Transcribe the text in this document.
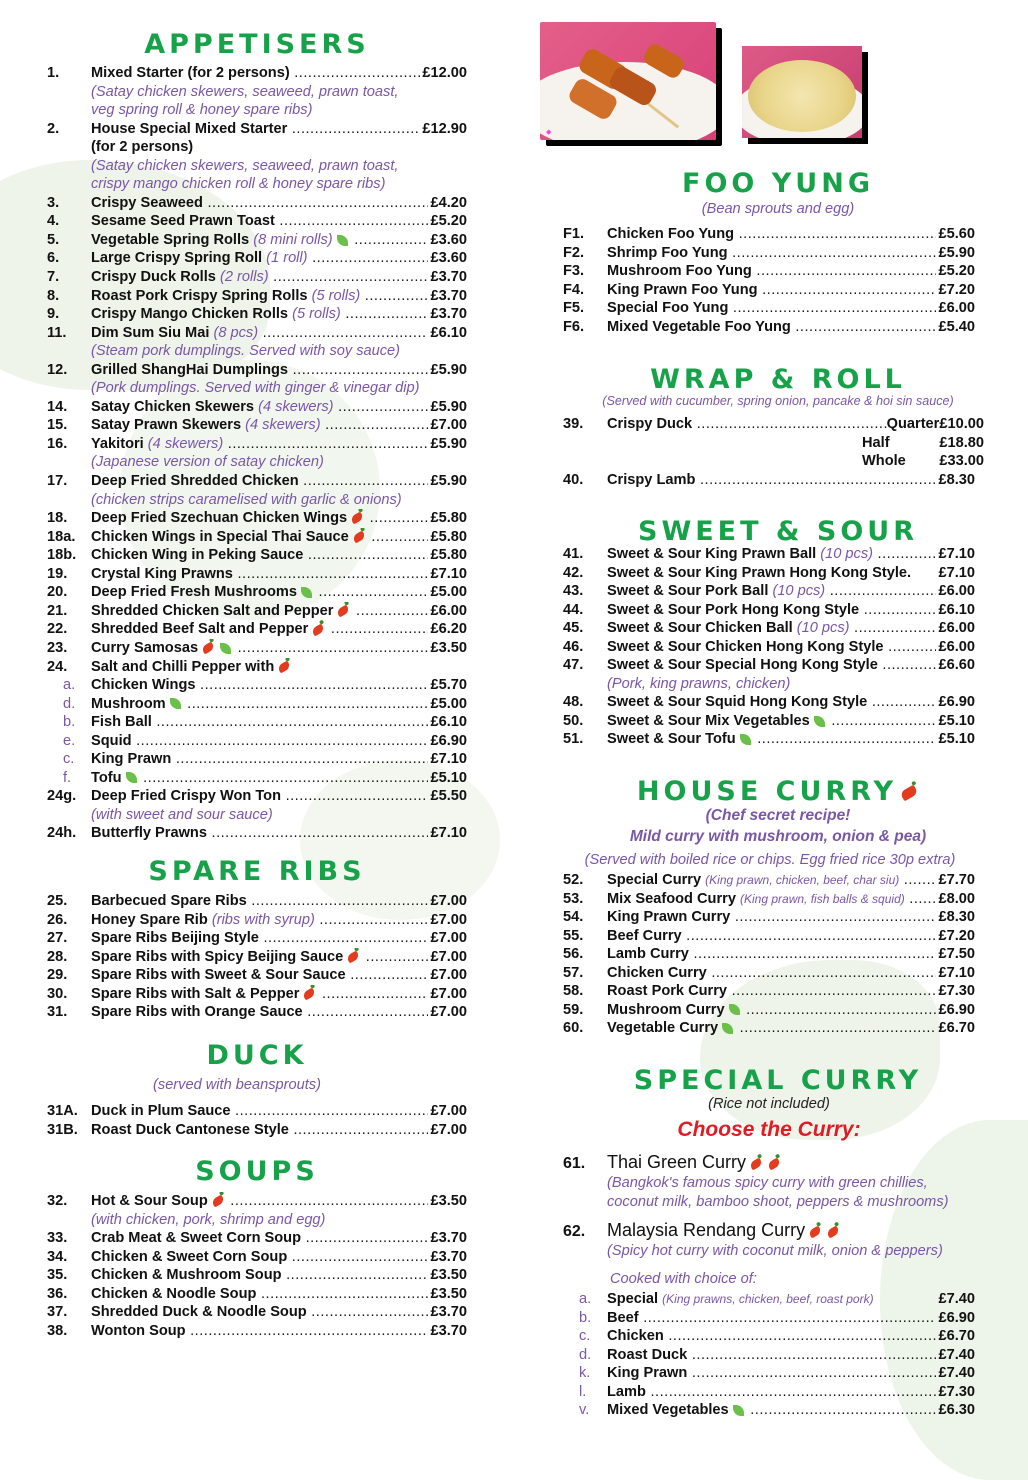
◆
APPETISERS
1.	Mixed Starter (for 2 persons) .....	£12.00
(Satay chicken skewers, seaweed, prawn toast,
veg spring roll & honey spare ribs)
2.	House Special Mixed Starter .....	£12.90
(for 2 persons)
(Satay chicken skewers, seaweed, prawn toast,
crispy mango chicken roll & honey spare ribs)
3.	Crispy Seaweed .....	£4.20
4.	Sesame Seed Prawn Toast .....	£5.20
5.	Vegetable Spring Rolls (8 mini rolls) .....	£3.60
6.	Large Crispy Spring Roll (1 roll) .....	£3.60
7.	Crispy Duck Rolls (2 rolls) .....	£3.70
8.	Roast Pork Crispy Spring Rolls (5 rolls) .....	£3.70
9.	Crispy Mango Chicken Rolls (5 rolls) .....	£3.70
11.	Dim Sum Siu Mai (8 pcs) .....	£6.10
(Steam pork dumplings. Served with soy sauce)
12.	Grilled ShangHai Dumplings .....	£5.90
(Pork dumplings. Served with ginger & vinegar dip)
14.	Satay Chicken Skewers (4 skewers) .....	£5.90
15.	Satay Prawn Skewers (4 skewers) .....	£7.00
16.	Yakitori (4 skewers) .....	£5.90
(Japanese version of satay chicken)
17.	Deep Fried Shredded Chicken .....	£5.90
(chicken strips caramelised with garlic & onions)
18.	Deep Fried Szechuan Chicken Wings .....	£5.80
18a.	Chicken Wings in Special Thai Sauce .....	£5.80
18b.	Chicken Wing in Peking Sauce .....	£5.80
19.	Crystal King Prawns .....	£7.10
20.	Deep Fried Fresh Mushrooms .....	£5.00
21.	Shredded Chicken Salt and Pepper .....	£6.00
22.	Shredded Beef Salt and Pepper .....	£6.20
23.	Curry Samosas .....	£3.50
24.	Salt and Chilli Pepper with
a.	Chicken Wings .....	£5.70
d.	Mushroom .....	£5.00
b.	Fish Ball .....	£6.10
e.	Squid .....	£6.90
c.	King Prawn .....	£7.10
f.	Tofu .....	£5.10
24g.	Deep Fried Crispy Won Ton .....	£5.50
(with sweet and sour sauce)
24h.	Butterfly Prawns .....	£7.10
SPARE RIBS
25.	Barbecued Spare Ribs .....	£7.00
26.	Honey Spare Rib (ribs with syrup) .....	£7.00
27.	Spare Ribs Beijing Style .....	£7.00
28.	Spare Ribs with Spicy Beijing Sauce .....	£7.00
29.	Spare Ribs with Sweet & Sour Sauce .....	£7.00
30.	Spare Ribs with Salt & Pepper .....	£7.00
31.	Spare Ribs with Orange Sauce .....	£7.00
DUCK
(served with beansprouts)
31A. Duck in Plum Sauce .....	£7.00
31B. Roast Duck Cantonese Style .....	£7.00
SOUPS
32.	Hot & Sour Soup .....	£3.50
(with chicken, pork, shrimp and egg)
33.	Crab Meat & Sweet Corn Soup .....	£3.70
34.	Chicken & Sweet Corn Soup .....	£3.70
35.	Chicken & Mushroom Soup .....	£3.50
36.	Chicken & Noodle Soup .....	£3.50
37.	Shredded Duck & Noodle Soup .....	£3.70
38.	Wonton Soup .....	£3.70
FOO YUNG
(Bean sprouts and egg)
F1.	Chicken Foo Yung .....	£5.60
F2.	Shrimp Foo Yung .....	£5.90
F3.	Mushroom Foo Yung .....	£5.20
F4.	King Prawn Foo Yung .....	£7.20
F5.	Special Foo Yung .....	£6.00
F6.	Mixed Vegetable Foo Yung .....	£5.40
WRAP & ROLL
(Served with cucumber, spring onion, pancake & hoi sin sauce)
39.	Crispy Duck .....	Quarter £10.00
Half	£18.80
Whole	£33.00
40.	Crispy Lamb .....	£8.30
SWEET & SOUR
41.	Sweet & Sour King Prawn Ball (10 pcs) .....	£7.10
42.	Sweet & Sour King Prawn Hong Kong Style.	£7.10
43.	Sweet & Sour Pork Ball (10 pcs) .....	£6.00
44.	Sweet & Sour Pork Hong Kong Style .....	£6.10
45.	Sweet & Sour Chicken Ball (10 pcs) .....	£6.00
46.	Sweet & Sour Chicken Hong Kong Style .....	£6.00
47.	Sweet & Sour Special Hong Kong Style .....	£6.60
(Pork, king prawns, chicken)
48.	Sweet & Sour Squid Hong Kong Style .....	£6.90
50.	Sweet & Sour Mix Vegetables .....	£5.10
51.	Sweet & Sour Tofu .....	£5.10
HOUSE CURRY
(Chef secret recipe!
Mild curry with mushroom, onion & pea)
(Served with boiled rice or chips. Egg fried rice 30p extra)
52.	Special Curry (King prawn, chicken, beef, char siu) .....	£7.70
53.	Mix Seafood Curry (King prawn, fish balls & squid) .....	£8.00
54.	King Prawn Curry .....	£8.30
55.	Beef Curry .....	£7.20
56.	Lamb Curry .....	£7.50
57.	Chicken Curry .....	£7.10
58.	Roast Pork Curry .....	£7.30
59.	Mushroom Curry .....	£6.90
60.	Vegetable Curry .....	£6.70
SPECIAL CURRY
(Rice not included)
Choose the Curry:
61.	Thai Green Curry
(Bangkok's famous spicy curry with green chillies,
coconut milk, bamboo shoot, peppers & mushrooms)
62.	Malaysia Rendang Curry
(Spicy hot curry with coconut milk, onion & peppers)
Cooked with choice of:
a.	Special (King prawns, chicken, beef, roast pork)	£7.40
b.	Beef .....	£6.90
c.	Chicken .....	£6.70
d.	Roast Duck .....	£7.40
k.	King Prawn .....	£7.40
l.	Lamb .....	£7.30
v.	Mixed Vegetables .....	£6.30
